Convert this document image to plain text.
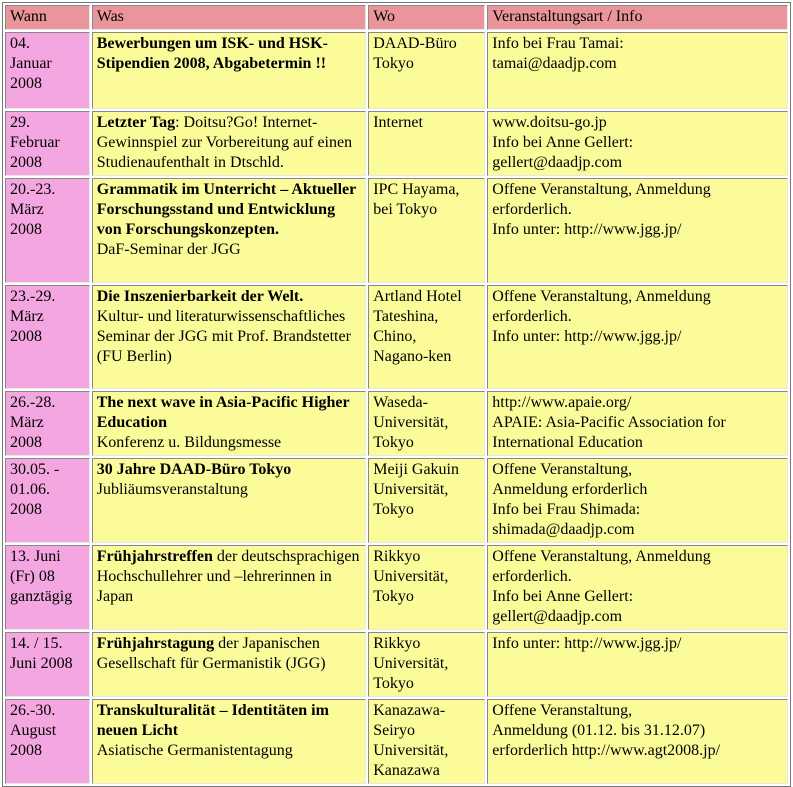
Wann	Was	Wo	Veranstaltungsart / Info

04.
Januar
2008	Bewerbungen um ISK- und HSK-Stipendien 2008, Abgabetermin !!	DAAD-Büro
Tokyo	Info bei Frau Tamai:
tamai@daadjp.com

29.
Februar
2008	Letzter Tag: Doitsu?Go! Internet-Gewinnspiel zur Vorbereitung auf einen Studienaufenthalt in Dtschld.	Internet	www.doitsu-go.jp
Info bei Anne Gellert:
gellert@daadjp.com

20.-23.
März
2008	Grammatik im Unterricht – Aktueller Forschungsstand und Entwicklung von Forschungskonzepten.
DaF-Seminar der JGG	IPC Hayama,
bei Tokyo	Offene Veranstaltung, Anmeldung
erforderlich.
Info unter: http://www.jgg.jp/

23.-29.
März
2008	Die Inszenierbarkeit der Welt.
Kultur- und literaturwissenschaftliches Seminar der JGG mit Prof. Brandstetter (FU Berlin)	Artland Hotel
Tateshina,
Chino,
Nagano-ken	Offene Veranstaltung, Anmeldung
erforderlich.
Info unter: http://www.jgg.jp/

26.-28.
März
2008	The next wave in Asia-Pacific Higher Education
Konferenz u. Bildungsmesse	Waseda-
Universität,
Tokyo	http://www.apaie.org/
APAIE: Asia-Pacific Association for
International Education

30.05. -
01.06.
2008	30 Jahre DAAD-Büro Tokyo
Jubliäumsveranstaltung	Meiji Gakuin
Universität,
Tokyo	Offene Veranstaltung,
Anmeldung erforderlich
Info bei Frau Shimada:
shimada@daadjp.com

13. Juni
(Fr) 08
ganztägig	Frühjahrstreffen der deutschsprachigen Hochschullehrer und –lehrerinnen in Japan	Rikkyo
Universität,
Tokyo	Offene Veranstaltung, Anmeldung
erforderlich.
Info bei Anne Gellert:
gellert@daadjp.com

14. / 15.
Juni 2008	Frühjahrstagung der Japanischen Gesellschaft für Germanistik (JGG)	Rikkyo
Universität,
Tokyo	Info unter: http://www.jgg.jp/

26.-30.
August
2008	Transkulturalität – Identitäten im neuen Licht
Asiatische Germanistentagung	Kanazawa-
Seiryo
Universität,
Kanazawa	Offene Veranstaltung,
Anmeldung (01.12. bis 31.12.07)
erforderlich http://www.agt2008.jp/
